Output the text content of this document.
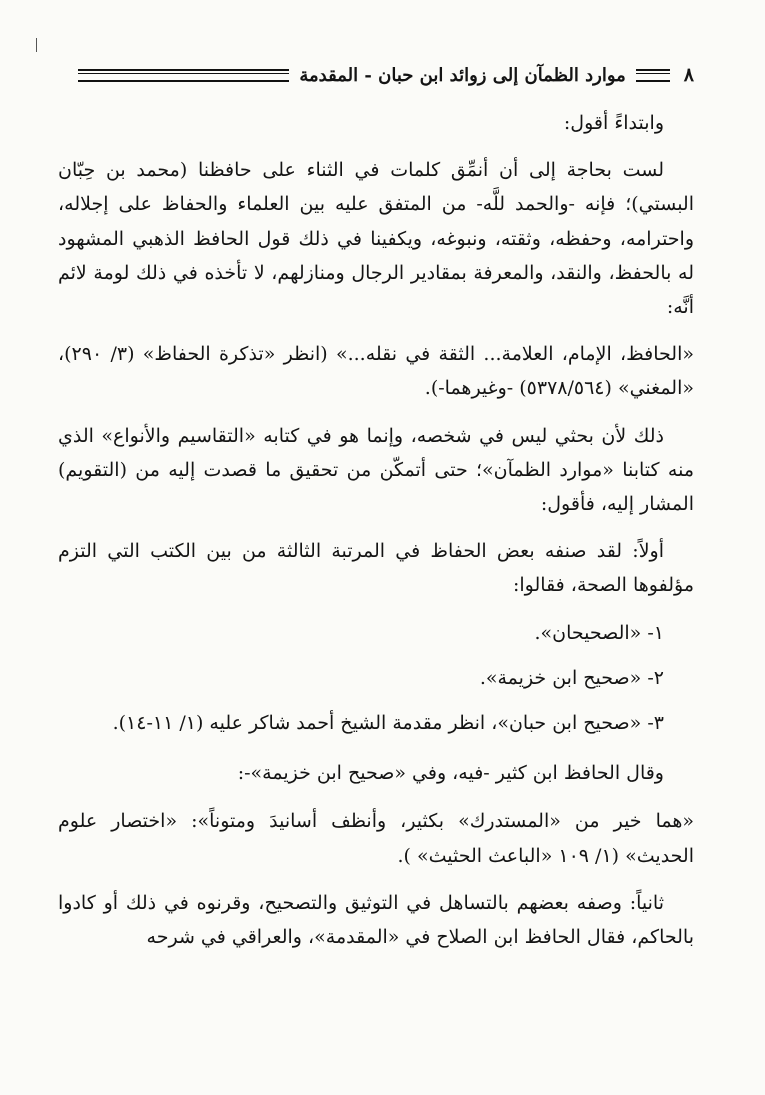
٨
موارد الظمآن إلى زوائد ابن حبان - المقدمة

وابتداءً أقول:

لست بحاجة إلى أن أنمِّق كلمات في الثناء على حافظنا (محمد بن حِبّان البستي)؛ فإنه -والحمد للَّه- من المتفق عليه بين العلماء والحفاظ على إجلاله، واحترامه، وحفظه، وثقته، ونبوغه، ويكفينا في ذلك قول الحافظ الذهبي المشهود له بالحفظ، والنقد، والمعرفة بمقادير الرجال ومنازلهم، لا تأخذه في ذلك لومة لائم أنَّه:

«الحافظ، الإمام، العلامة... الثقة في نقله...» (انظر «تذكرة الحفاظ» (٣/ ٢٩٠)، «المغني» (٥٣٧٨/٥٦٤) -وغيرهما-).

ذلك لأن بحثي ليس في شخصه، وإنما هو في كتابه «التقاسيم والأنواع» الذي منه كتابنا «موارد الظمآن»؛ حتى أتمكّن من تحقيق ما قصدت إليه من (التقويم) المشار إليه، فأقول:

أولاً: لقد صنفه بعض الحفاظ في المرتبة الثالثة من بين الكتب التي التزم مؤلفوها الصحة، فقالوا:

١- «الصحيحان».

٢- «صحيح ابن خزيمة».

٣- «صحيح ابن حبان»، انظر مقدمة الشيخ أحمد شاكر عليه (١/ ١١-١٤).

وقال الحافظ ابن كثير -فيه، وفي «صحيح ابن خزيمة»-:

«هما خير من «المستدرك» بكثير، وأنظف أسانيدَ ومتوناً»: «اختصار علوم الحديث» (١/ ١٠٩ «الباعث الحثيث» ).

ثانياً: وصفه بعضهم بالتساهل في التوثيق والتصحيح، وقرنوه في ذلك أو كادوا بالحاكم، فقال الحافظ ابن الصلاح في «المقدمة»، والعراقي في شرحه
